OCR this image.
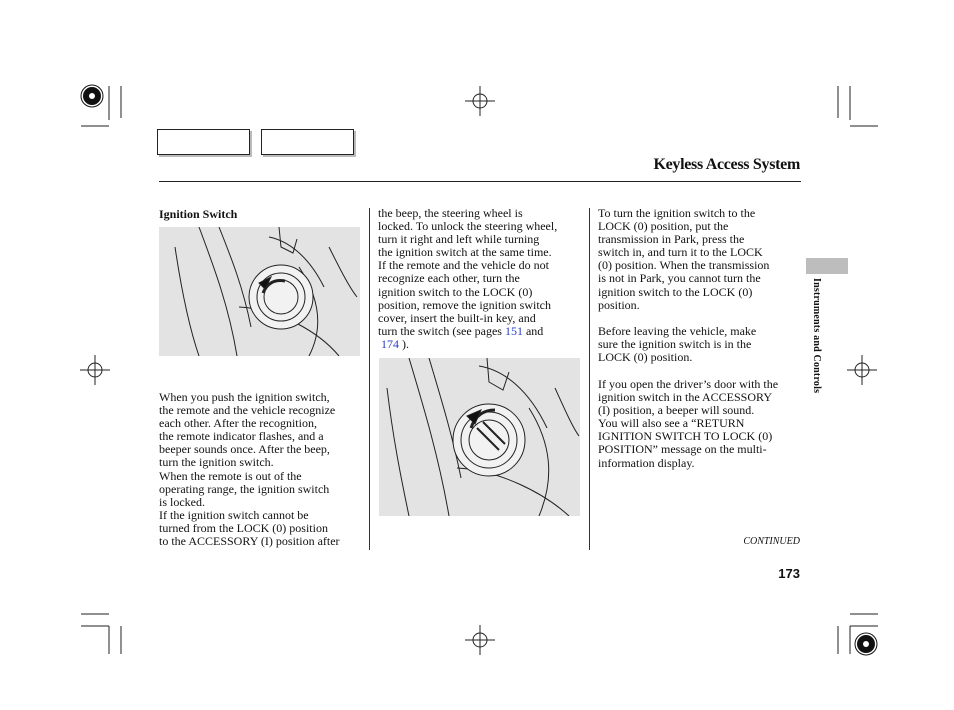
Keyless Access System
Ignition Switch

When you push the ignition switch,

the remote and the vehicle recognize

each other. After the recognition,

the remote indicator flashes, and a

beeper sounds once. After the beep,

turn the ignition switch.

When the remote is out of the

operating range, the ignition switch

is locked.

If the ignition switch cannot be

turned from the LOCK (0) position

to the ACCESSORY (I) position after

the beep, the steering wheel is

locked. To unlock the steering wheel,

turn it right and left while turning

the ignition switch at the same time.

If the remote and the vehicle do not

recognize each other, turn the

ignition switch to the LOCK (0)

position, remove the ignition switch

cover, insert the built-in key, and

turn the switch (see pages 151 and

174 ).

To turn the ignition switch to the

LOCK (0) position, put the

transmission in Park, press the

switch in, and turn it to the LOCK

(0) position. When the transmission

is not in Park, you cannot turn the

ignition switch to the LOCK (0)

position.

Before leaving the vehicle, make

sure the ignition switch is in the

LOCK (0) position.

If you open the driver’s door with the

ignition switch in the ACCESSORY

(I) position, a beeper will sound.

You will also see a “RETURN

IGNITION SWITCH TO LOCK (0)

POSITION” message on the multi-

information display.

Instruments and Controls
CONTINUED
173
